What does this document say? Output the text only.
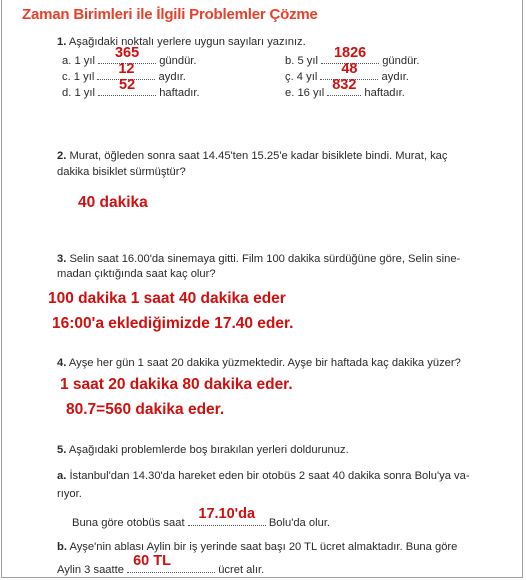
Zaman Birimleri ile İlgili Problemler Çözme
1. Aşağıdaki noktalı yerlere uygun sayıları yazınız.
a. 1 yıl	365	gündür.	b. 5 yıl	1826	gündür.
c. 1 yıl	12	aydır.	ç. 4 yıl	48	aydır.
d. 1 yıl	52	haftadır.	e. 16 yıl 832 haftadır.
2. Murat, öğleden sonra saat 14.45'ten 15.25'e kadar bisiklete bindi. Murat, kaç
dakika bisiklet sürmüştür?
40 dakika
3. Selin saat 16.00'da sinemaya gitti. Film 100 dakika sürdüğüne göre, Selin sine-
madan çıktığında saat kaç olur?
100 dakika 1 saat 40 dakika eder
16:00'a eklediğimizde 17.40 eder.
4. Ayşe her gün 1 saat 20 dakika yüzmektedir. Ayşe bir haftada kaç dakika yüzer?
1 saat 20 dakika 80 dakika eder.
80.7=560 dakika eder.
5. Aşağıdaki problemlerde boş bırakılan yerleri doldurunuz.
a. İstanbul'dan 14.30'da hareket eden bir otobüs 2 saat 40 dakika sonra Bolu'ya va-
rıyor.
Buna göre otobüs saat
17.10'da
Bolu'da olur.
b. Ayşe'nin ablası Aylin bir iş yerinde saat başı 20 TL ücret almaktadır. Buna göre
Aylin 3 saatte
60 TL
ücret alır.
